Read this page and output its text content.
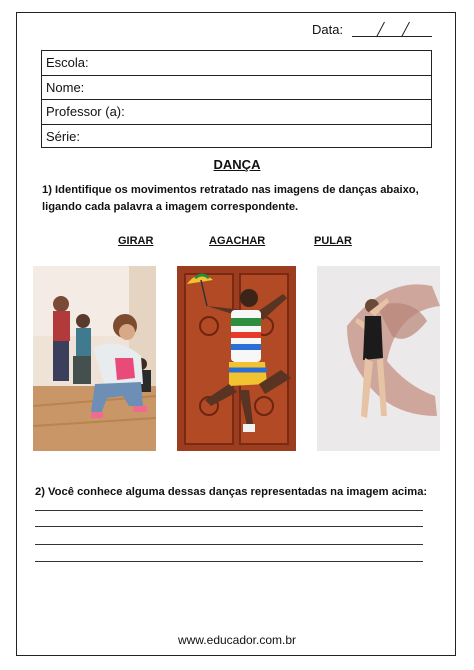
Data:
Escola:
Nome:
Professor (a):
Série:
DANÇA
1) Identifique os movimentos retratado nas imagens de danças abaixo, ligando cada palavra a imagem correspondente.
GIRAR	AGACHAR	PULAR
2) Você conhece alguma dessas danças representadas na imagem acima:
www.educador.com.br
